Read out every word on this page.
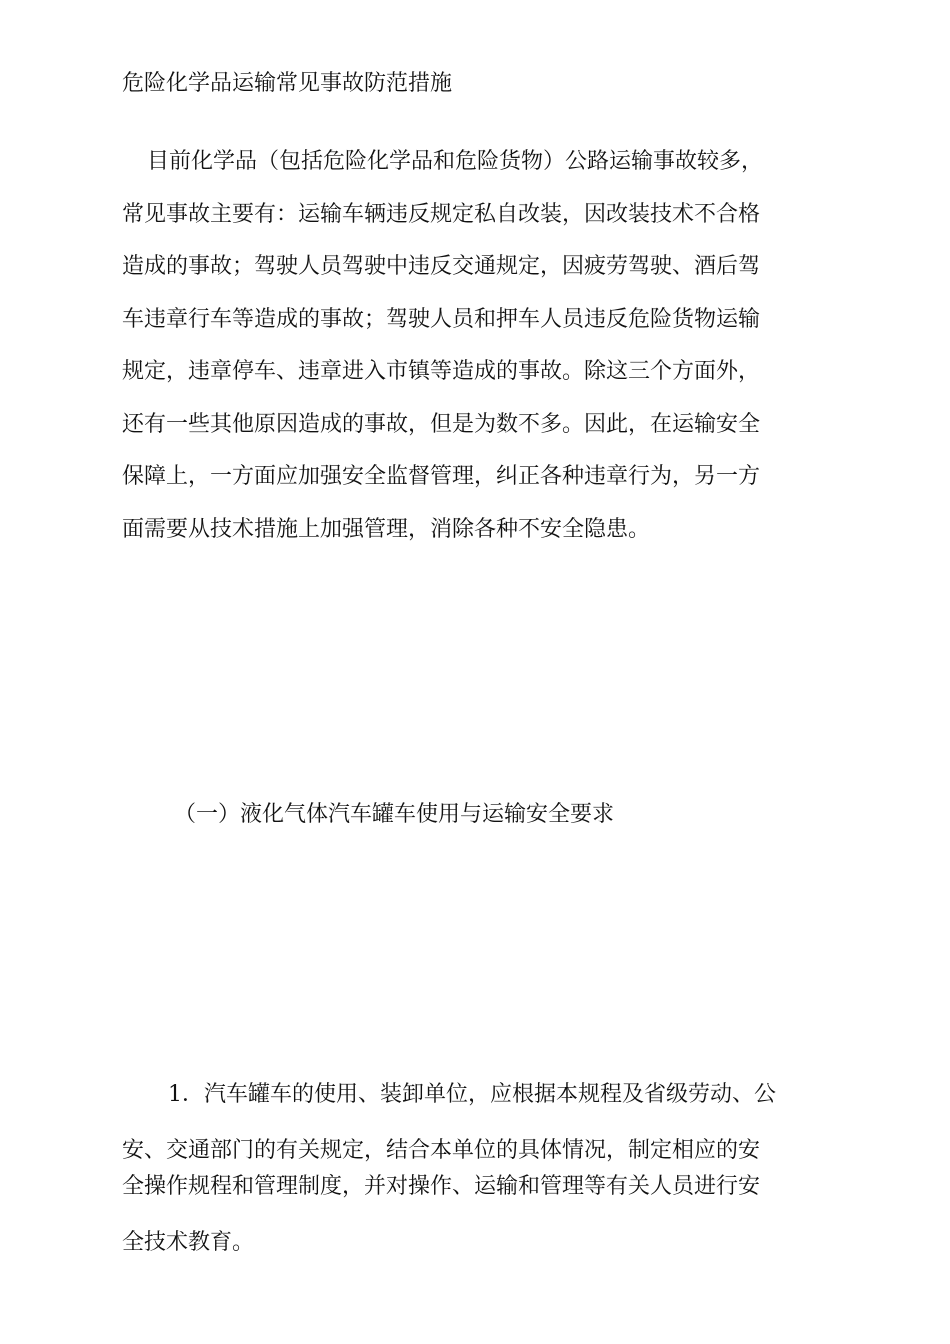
危险化学品运输常见事故防范措施
目前化学品（包括危险化学品和危险货物）公路运输事故较多，
常见事故主要有：运输车辆违反规定私自改装，因改装技术不合格
造成的事故；驾驶人员驾驶中违反交通规定，因疲劳驾驶、酒后驾
车违章行车等造成的事故；驾驶人员和押车人员违反危险货物运输
规定，违章停车、违章进入市镇等造成的事故。除这三个方面外，
还有一些其他原因造成的事故，但是为数不多。因此，在运输安全
保障上，一方面应加强安全监督管理，纠正各种违章行为，另一方
面需要从技术措施上加强管理，消除各种不安全隐患。
（一）液化气体汽车罐车使用与运输安全要求
1．汽车罐车的使用、装卸单位，应根据本规程及省级劳动、公
安、交通部门的有关规定，结合本单位的具体情况，制定相应的安
全操作规程和管理制度，并对操作、运输和管理等有关人员进行安
全技术教育。
